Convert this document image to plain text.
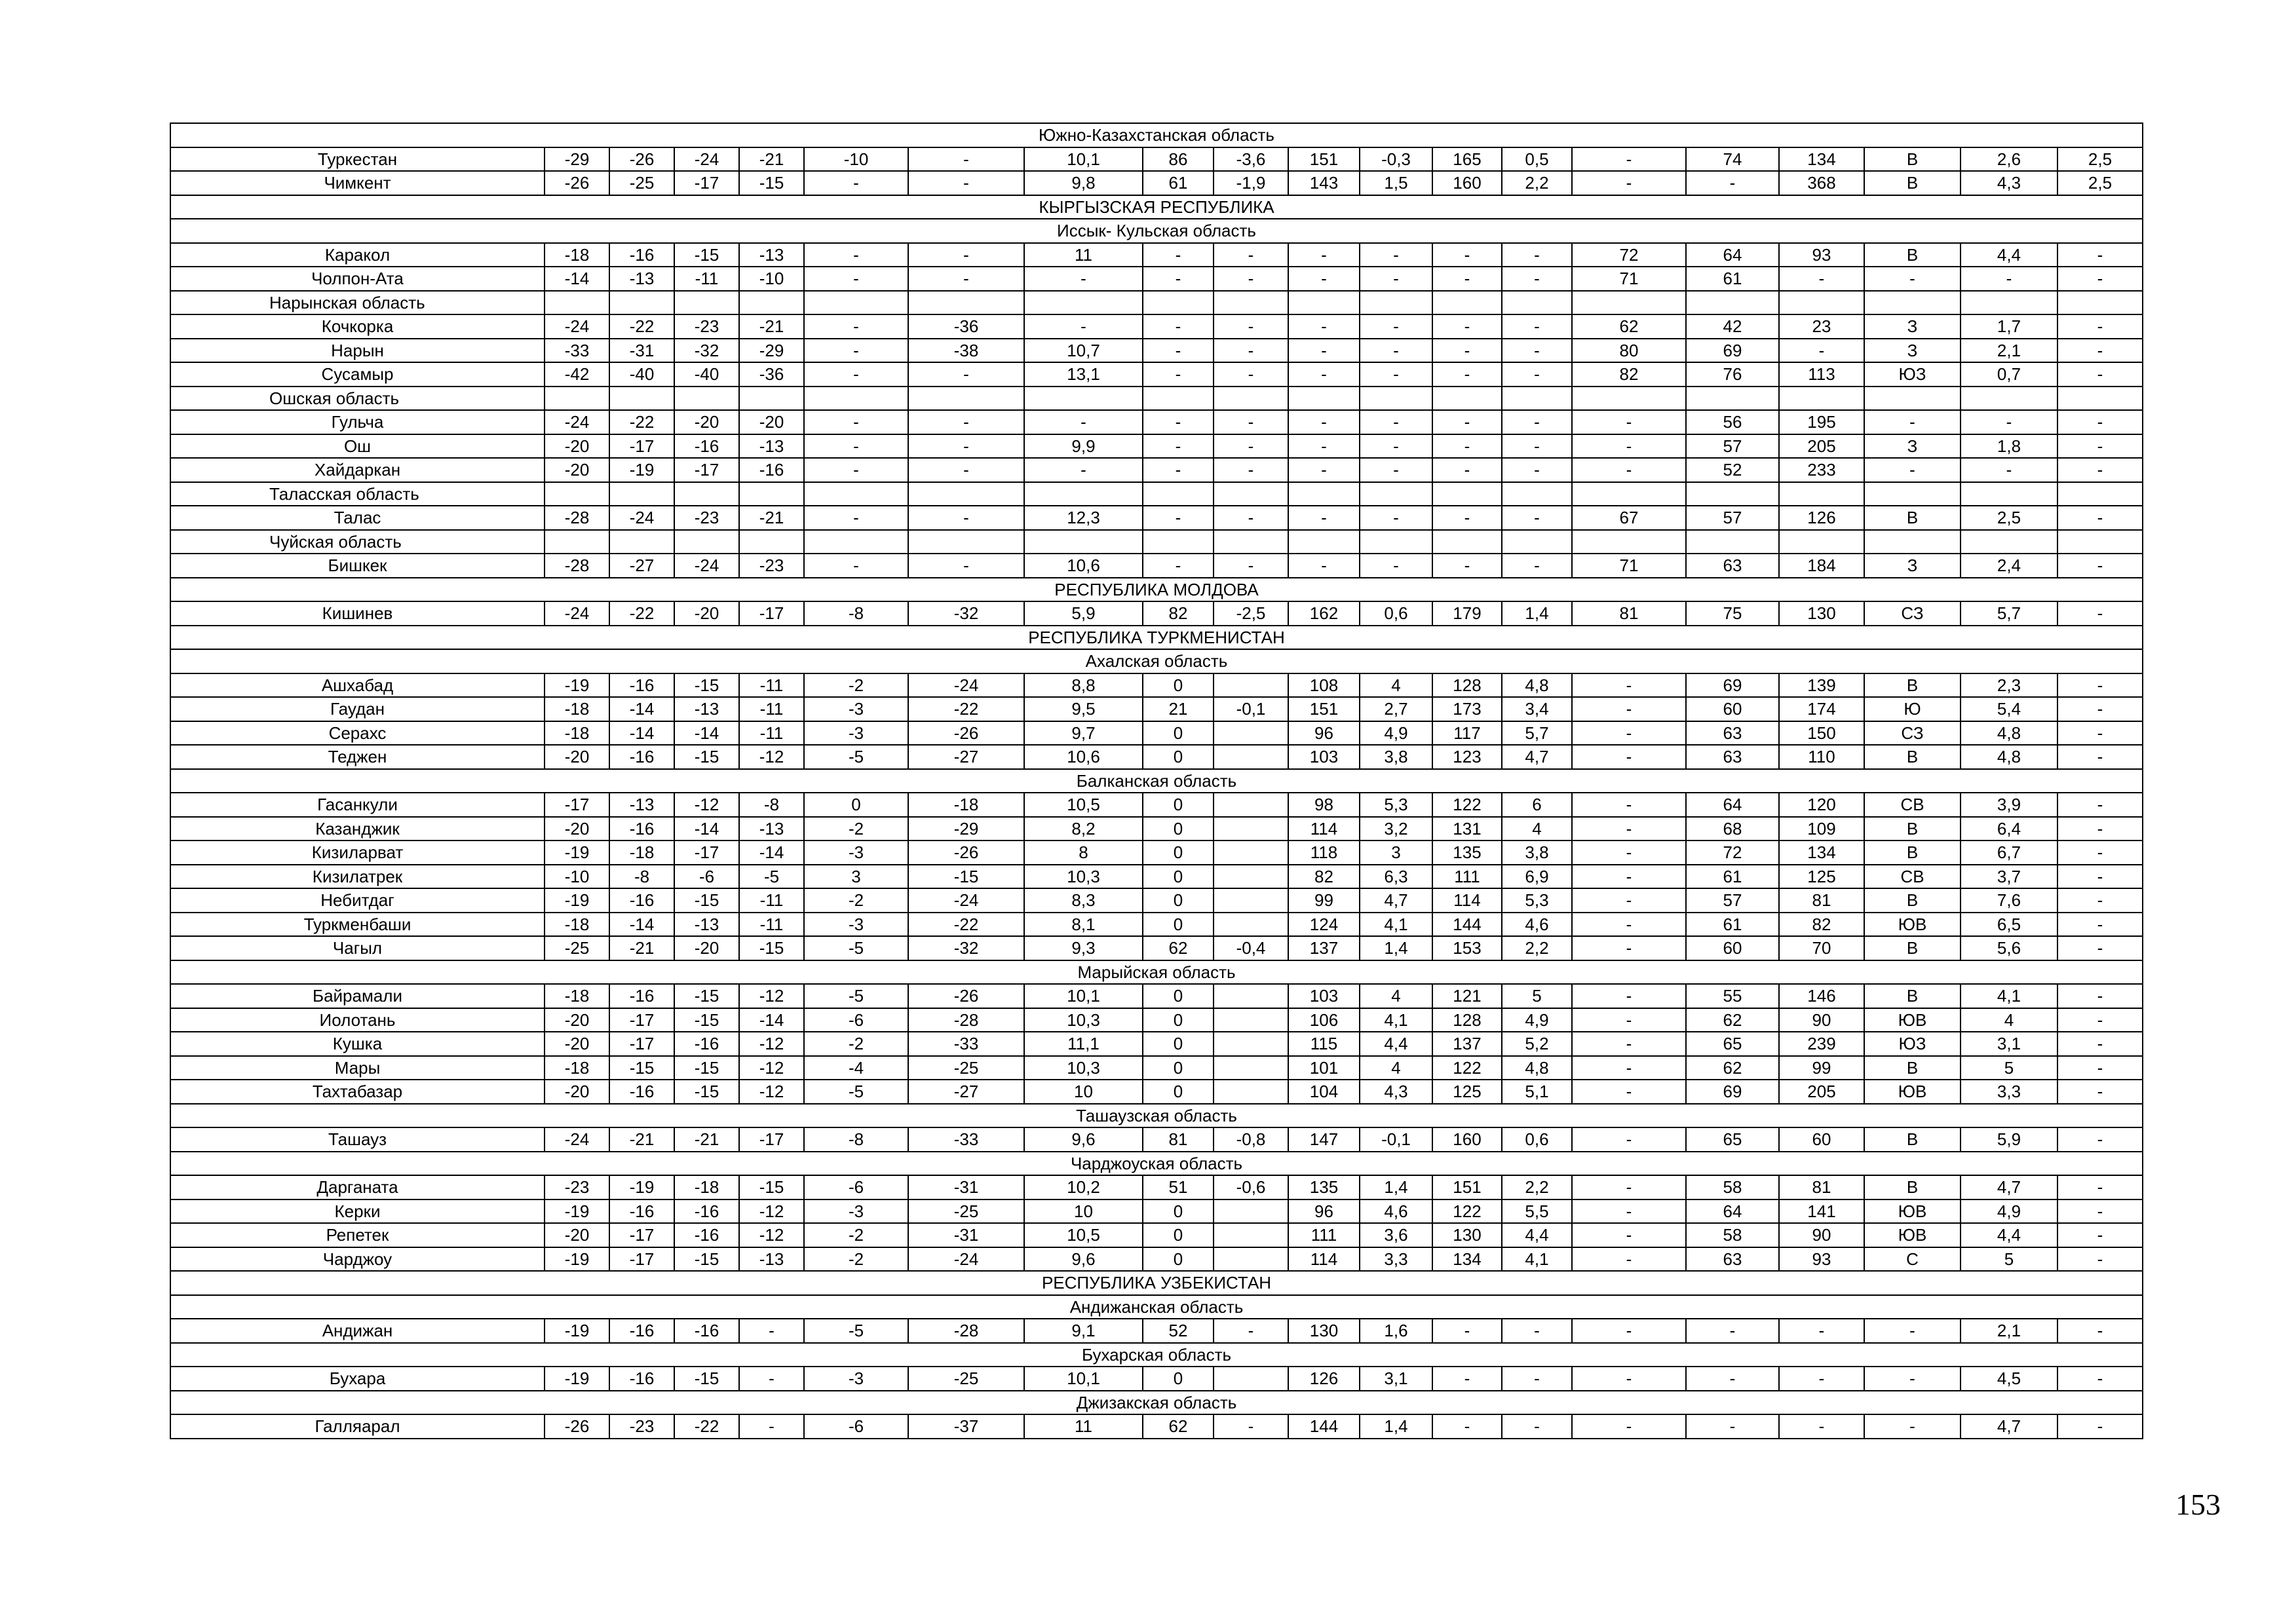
Южно-Казахстанская область																			
Туркестан	-29	-26	-24	-21	-10	-	10,1	86	-3,6	151	-0,3	165	0,5	-	74	134	В	2,6	2,5
Чимкент	-26	-25	-17	-15	-	-	9,8	61	-1,9	143	1,5	160	2,2	-	-	368	В	4,3	2,5
КЫРГЫЗСКАЯ РЕСПУБЛИКА																			
Иссык- Кульская область																			
Каракол	-18	-16	-15	-13	-	-	11	-	-	-	-	-	-	72	64	93	В	4,4	-
Чолпон-Ата	-14	-13	-11	-10	-	-	-	-	-	-	-	-	-	71	61	-	-	-	-
Нарынская область																			
Кочкорка	-24	-22	-23	-21	-	-36	-	-	-	-	-	-	-	62	42	23	З	1,7	-
Нарын	-33	-31	-32	-29	-	-38	10,7	-	-	-	-	-	-	80	69	-	З	2,1	-
Сусамыр	-42	-40	-40	-36	-	-	13,1	-	-	-	-	-	-	82	76	113	ЮЗ	0,7	-
Ошская область																			
Гульча	-24	-22	-20	-20	-	-	-	-	-	-	-	-	-	-	56	195	-	-	-
Ош	-20	-17	-16	-13	-	-	9,9	-	-	-	-	-	-	-	57	205	З	1,8	-
Хайдаркан	-20	-19	-17	-16	-	-	-	-	-	-	-	-	-	-	52	233	-	-	-
Таласская область																			
Талас	-28	-24	-23	-21	-	-	12,3	-	-	-	-	-	-	67	57	126	В	2,5	-
Чуйская область																			
Бишкек	-28	-27	-24	-23	-	-	10,6	-	-	-	-	-	-	71	63	184	З	2,4	-
РЕСПУБЛИКА МОЛДОВА																			
Кишинев	-24	-22	-20	-17	-8	-32	5,9	82	-2,5	162	0,6	179	1,4	81	75	130	СЗ	5,7	-
РЕСПУБЛИКА ТУРКМЕНИСТАН																			
Ахалская область																			
Ашхабад	-19	-16	-15	-11	-2	-24	8,8	0		108	4	128	4,8	-	69	139	В	2,3	-
Гаудан	-18	-14	-13	-11	-3	-22	9,5	21	-0,1	151	2,7	173	3,4	-	60	174	Ю	5,4	-
Серахс	-18	-14	-14	-11	-3	-26	9,7	0		96	4,9	117	5,7	-	63	150	СЗ	4,8	-
Теджен	-20	-16	-15	-12	-5	-27	10,6	0		103	3,8	123	4,7	-	63	110	В	4,8	-
Балканская область																			
Гасанкули	-17	-13	-12	-8	0	-18	10,5	0		98	5,3	122	6	-	64	120	СВ	3,9	-
Казанджик	-20	-16	-14	-13	-2	-29	8,2	0		114	3,2	131	4	-	68	109	В	6,4	-
Кизиларват	-19	-18	-17	-14	-3	-26	8	0		118	3	135	3,8	-	72	134	В	6,7	-
Кизилатрек	-10	-8	-6	-5	3	-15	10,3	0		82	6,3	111	6,9	-	61	125	СВ	3,7	-
Небитдаг	-19	-16	-15	-11	-2	-24	8,3	0		99	4,7	114	5,3	-	57	81	В	7,6	-
Туркменбаши	-18	-14	-13	-11	-3	-22	8,1	0		124	4,1	144	4,6	-	61	82	ЮВ	6,5	-
Чагыл	-25	-21	-20	-15	-5	-32	9,3	62	-0,4	137	1,4	153	2,2	-	60	70	В	5,6	-
Марыйская область																			
Байрамали	-18	-16	-15	-12	-5	-26	10,1	0		103	4	121	5	-	55	146	В	4,1	-
Иолотань	-20	-17	-15	-14	-6	-28	10,3	0		106	4,1	128	4,9	-	62	90	ЮВ	4	-
Кушка	-20	-17	-16	-12	-2	-33	11,1	0		115	4,4	137	5,2	-	65	239	ЮЗ	3,1	-
Мары	-18	-15	-15	-12	-4	-25	10,3	0		101	4	122	4,8	-	62	99	В	5	-
Тахтабазар	-20	-16	-15	-12	-5	-27	10	0		104	4,3	125	5,1	-	69	205	ЮВ	3,3	-
Ташаузская область																			
Ташауз	-24	-21	-21	-17	-8	-33	9,6	81	-0,8	147	-0,1	160	0,6	-	65	60	В	5,9	-
Чарджоуская область																			
Дарганата	-23	-19	-18	-15	-6	-31	10,2	51	-0,6	135	1,4	151	2,2	-	58	81	В	4,7	-
Керки	-19	-16	-16	-12	-3	-25	10	0		96	4,6	122	5,5	-	64	141	ЮВ	4,9	-
Репетек	-20	-17	-16	-12	-2	-31	10,5	0		111	3,6	130	4,4	-	58	90	ЮВ	4,4	-
Чарджоу	-19	-17	-15	-13	-2	-24	9,6	0		114	3,3	134	4,1	-	63	93	С	5	-
РЕСПУБЛИКА УЗБЕКИСТАН																			
Андижанская область																			
Андижан	-19	-16	-16	-	-5	-28	9,1	52	-	130	1,6	-	-	-	-	-	-	2,1	-
Бухарская область																			
Бухара	-19	-16	-15	-	-3	-25	10,1	0		126	3,1	-	-	-	-	-	-	4,5	-
Джизакская область																			
Галляарал	-26	-23	-22	-	-6	-37	11	62	-	144	1,4	-	-	-	-	-	-	4,7	-
153
